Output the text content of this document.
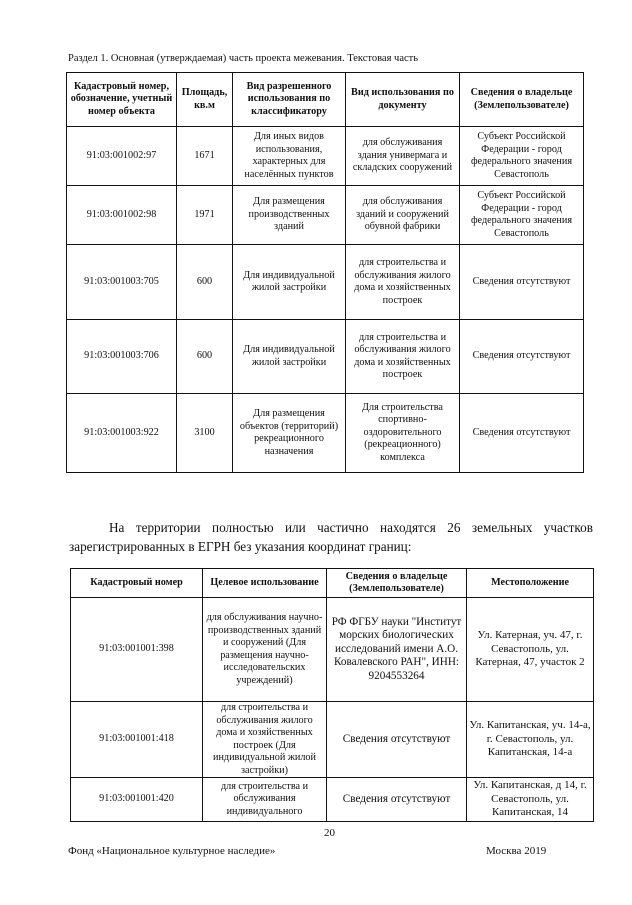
Раздел 1. Основная (утверждаемая) часть проекта межевания. Текстовая часть
Кадастровый номер, обозначение, учетный номер объекта	Площадь, кв.м	Вид разрешенного использования по классификатору	Вид использования по документу	Сведения о владельце (Землепользователе)
91:03:001002:97	1671	Для иных видов использования, характерных для населённых пунктов	для обслуживания здания универмага и складских сооружений	Субъект Российской Федерации - город федерального значения Севастополь
91:03:001002:98	1971	Для размещения производственных зданий	для обслуживания зданий и сооружений обувной фабрики	Субъект Российской Федерации - город федерального значения Севастополь
91:03:001003:705	600	Для индивидуальной жилой застройки	для строительства и обслуживания жилого дома и хозяйственных построек	Сведения отсутствуют
91:03:001003:706	600	Для индивидуальной жилой застройки	для строительства и обслуживания жилого дома и хозяйственных построек	Сведения отсутствуют
91:03:001003:922	3100	Для размещения объектов (территорий) рекреационного назначения	Для строительства спортивно-оздоровительного (рекреационного) комплекса	Сведения отсутствуют
На территории полностью или частично находятся 26 земельных участков зарегистрированных в ЕГРН без указания координат границ:
Кадастровый номер	Целевое использование	Сведения о владельце (Землепользователе)	Местоположение
91:03:001001:398	для обслуживания научно-производственных зданий и сооружений (Для размещения научно-исследовательских учреждений)	РФ ФГБУ науки "Институт морских биологических исследований имени А.О. Ковалевского РАН", ИНН: 9204553264	Ул. Катерная, уч. 47, г. Севастополь, ул. Катерная, 47, участок 2
91:03:001001:418	для строительства и обслуживания жилого дома и хозяйственных построек (Для индивидуальной жилой застройки)	Сведения отсутствуют	Ул. Капитанская, уч. 14-а, г. Севастополь, ул. Капитанская, 14-а
91:03:001001:420	для строительства и обслуживания индивидуального	Сведения отсутствуют	Ул. Капитанская, д 14, г. Севастополь, ул. Капитанская, 14
20
Фонд «Национальное культурное наследие»	Москва 2019
